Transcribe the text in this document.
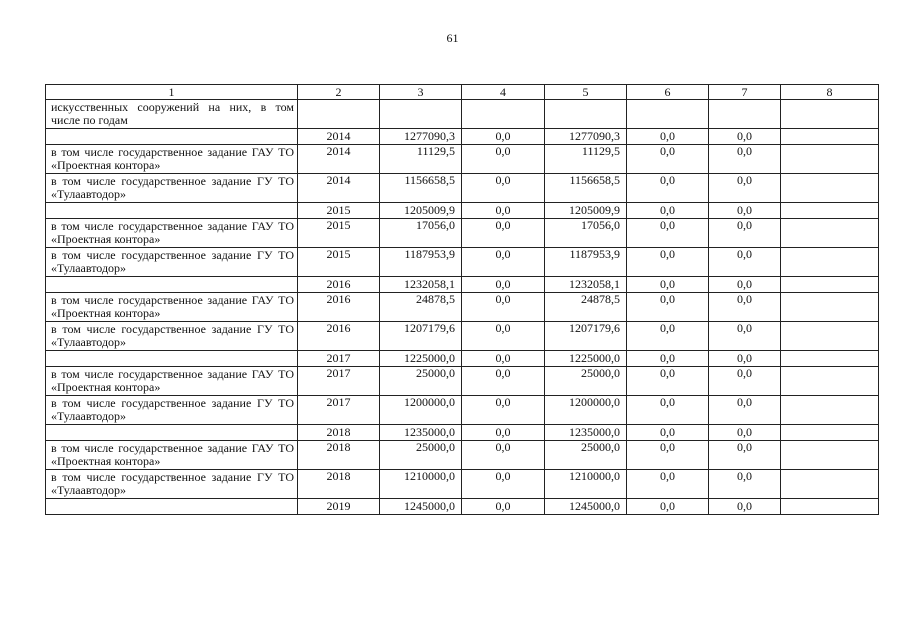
61
1	2	3	4	5	6	7	8
искусственных сооружений на них, в том числе по годам							
	2014	1277090,3	0,0	1277090,3	0,0	0,0	
в том числе государственное задание ГАУ ТО «Проектная контора»	2014	11129,5	0,0	11129,5	0,0	0,0	
в том числе государственное задание ГУ ТО «Тулаавтодор»	2014	1156658,5	0,0	1156658,5	0,0	0,0	
	2015	1205009,9	0,0	1205009,9	0,0	0,0	
в том числе государственное задание ГАУ ТО «Проектная контора»	2015	17056,0	0,0	17056,0	0,0	0,0	
в том числе государственное задание ГУ ТО «Тулаавтодор»	2015	1187953,9	0,0	1187953,9	0,0	0,0	
	2016	1232058,1	0,0	1232058,1	0,0	0,0	
в том числе государственное задание ГАУ ТО «Проектная контора»	2016	24878,5	0,0	24878,5	0,0	0,0	
в том числе государственное задание ГУ ТО «Тулаавтодор»	2016	1207179,6	0,0	1207179,6	0,0	0,0	
	2017	1225000,0	0,0	1225000,0	0,0	0,0	
в том числе государственное задание ГАУ ТО «Проектная контора»	2017	25000,0	0,0	25000,0	0,0	0,0	
в том числе государственное задание ГУ ТО «Тулаавтодор»	2017	1200000,0	0,0	1200000,0	0,0	0,0	
	2018	1235000,0	0,0	1235000,0	0,0	0,0	
в том числе государственное задание ГАУ ТО «Проектная контора»	2018	25000,0	0,0	25000,0	0,0	0,0	
в том числе государственное задание ГУ ТО «Тулаавтодор»	2018	1210000,0	0,0	1210000,0	0,0	0,0	
	2019	1245000,0	0,0	1245000,0	0,0	0,0	
